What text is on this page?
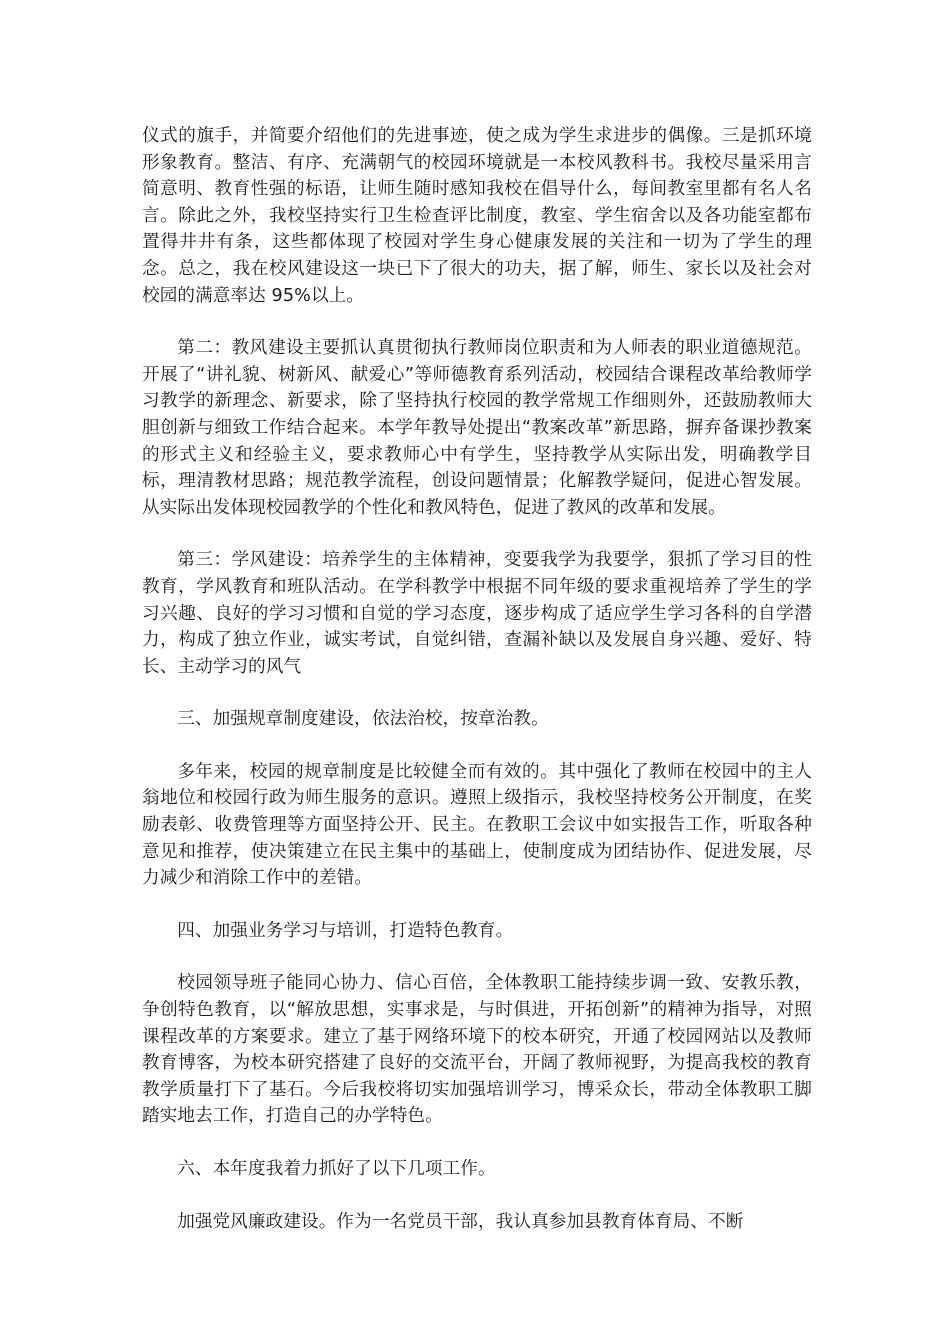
仪式的旗手，并简要介绍他们的先进事迹，使之成为学生求进步的偶像。三是抓环境形象教育。整洁、有序、充满朝气的校园环境就是一本校风教科书。我校尽量采用言简意明、教育性强的标语，让师生随时感知我校在倡导什么，每间教室里都有名人名言。除此之外，我校坚持实行卫生检查评比制度，教室、学生宿舍以及各功能室都布置得井井有条，这些都体现了校园对学生身心健康发展的关注和一切为了学生的理念。总之，我在校风建设这一块已下了很大的功夫，据了解，师生、家长以及社会对校园的满意率达 95%以上。

第二：教风建设主要抓认真贯彻执行教师岗位职责和为人师表的职业道德规范。开展了“讲礼貌、树新风、献爱心”等师德教育系列活动，校园结合课程改革给教师学习教学的新理念、新要求，除了坚持执行校园的教学常规工作细则外，还鼓励教师大胆创新与细致工作结合起来。本学年教导处提出“教案改革”新思路，摒弃备课抄教案的形式主义和经验主义，要求教师心中有学生，坚持教学从实际出发，明确教学目标，理清教材思路；规范教学流程，创设问题情景；化解教学疑问，促进心智发展。从实际出发体现校园教学的个性化和教风特色，促进了教风的改革和发展。

第三：学风建设：培养学生的主体精神，变要我学为我要学，狠抓了学习目的性教育，学风教育和班队活动。在学科教学中根据不同年级的要求重视培养了学生的学习兴趣、良好的学习习惯和自觉的学习态度，逐步构成了适应学生学习各科的自学潜力，构成了独立作业，诚实考试，自觉纠错，查漏补缺以及发展自身兴趣、爱好、特长、主动学习的风气

三、加强规章制度建设，依法治校，按章治教。

多年来，校园的规章制度是比较健全而有效的。其中强化了教师在校园中的主人翁地位和校园行政为师生服务的意识。遵照上级指示，我校坚持校务公开制度，在奖励表彰、收费管理等方面坚持公开、民主。在教职工会议中如实报告工作，听取各种意见和推荐，使决策建立在民主集中的基础上，使制度成为团结协作、促进发展，尽力减少和消除工作中的差错。

四、加强业务学习与培训，打造特色教育。

校园领导班子能同心协力、信心百倍，全体教职工能持续步调一致、安教乐教，争创特色教育，以“解放思想，实事求是，与时俱进，开拓创新”的精神为指导，对照课程改革的方案要求。建立了基于网络环境下的校本研究，开通了校园网站以及教师教育博客，为校本研究搭建了良好的交流平台，开阔了教师视野，为提高我校的教育教学质量打下了基石。今后我校将切实加强培训学习，博采众长，带动全体教职工脚踏实地去工作，打造自己的办学特色。

六、本年度我着力抓好了以下几项工作。

加强党风廉政建设。作为一名党员干部，我认真参加县教育体育局、不断
